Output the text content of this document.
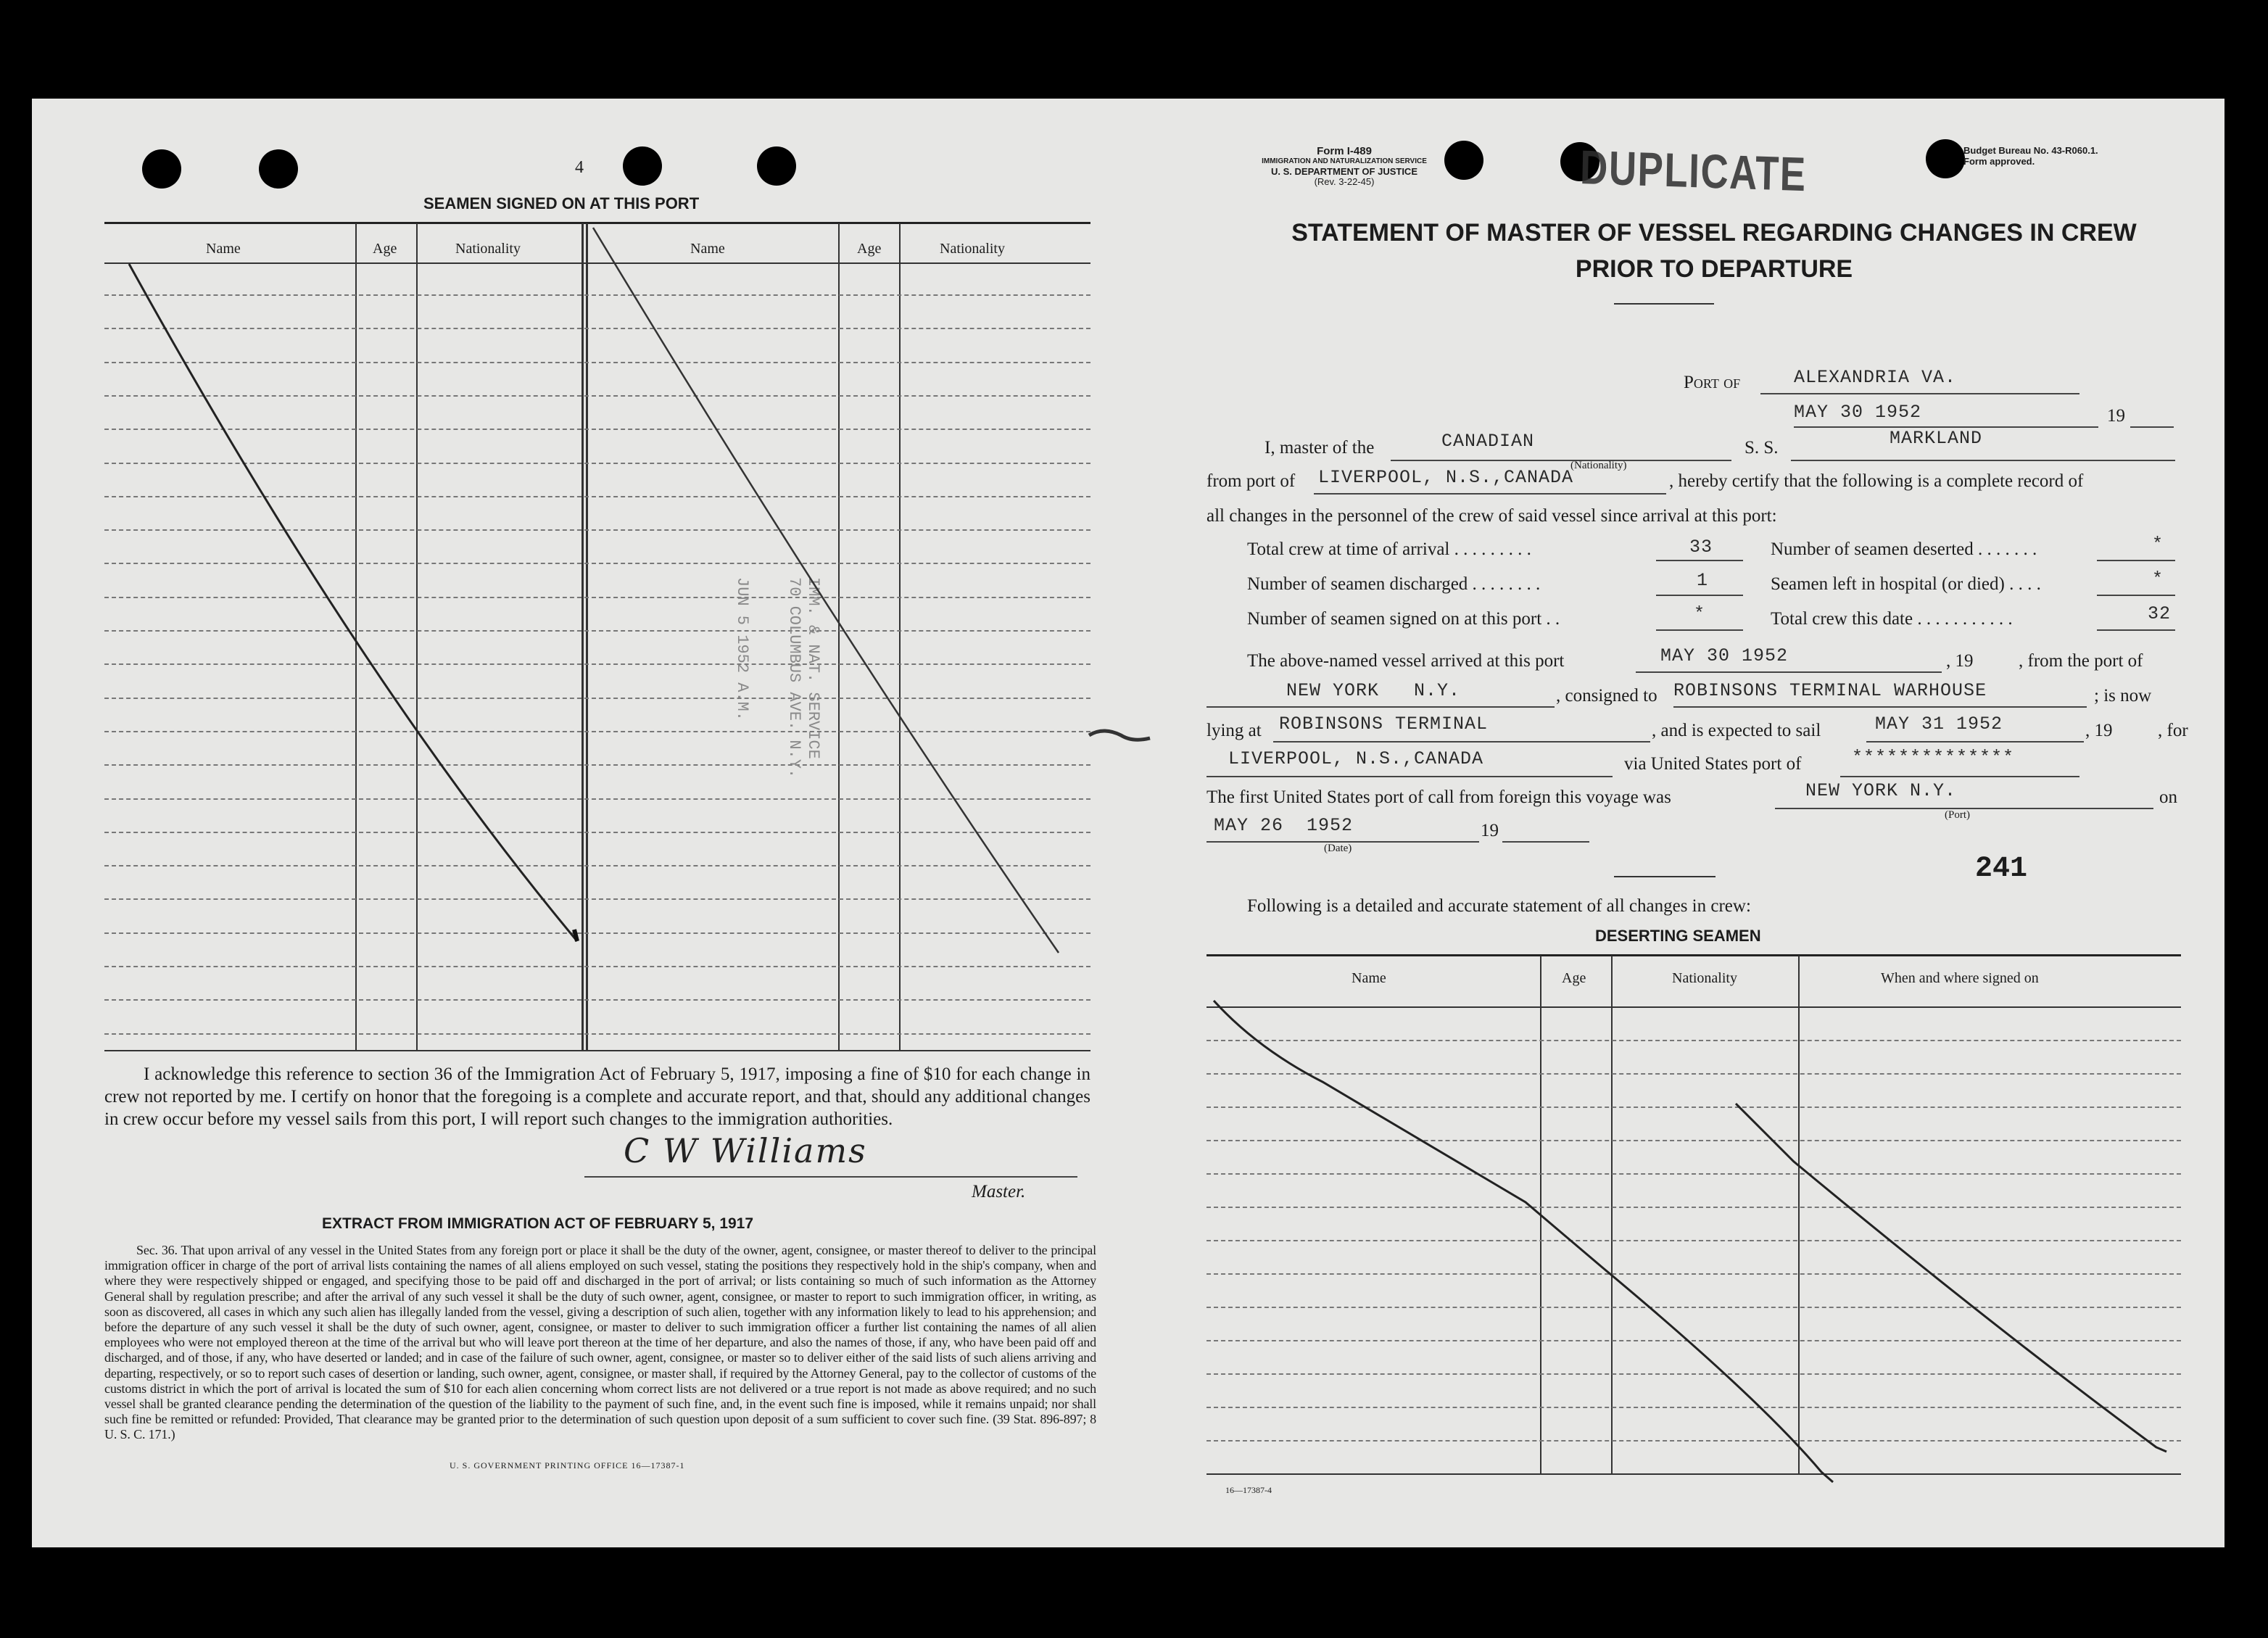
4
SEAMEN SIGNED ON AT THIS PORT
Name	Age	Nationality	Name	Age	Nationality
IMM. & NAT. SERVICE
70 COLUMBUS AVE. N.Y.
JUN 5 1952 A.M.
I acknowledge this reference to section 36 of the Immigration Act of February 5, 1917, imposing a fine of $10 for each change in crew not reported by me. I certify on honor that the foregoing is a complete and accurate report, and that, should any additional changes in crew occur before my vessel sails from this port, I will report such changes to the immigration authorities.
C W Williams
Master.
EXTRACT FROM IMMIGRATION ACT OF FEBRUARY 5, 1917
Sec. 36. That upon arrival of any vessel in the United States from any foreign port or place it shall be the duty of the owner, agent, consignee, or master thereof to deliver to the principal immigration officer in charge of the port of arrival lists containing the names of all aliens employed on such vessel, stating the positions they respectively hold in the ship's company, when and where they were respectively shipped or engaged, and specifying those to be paid off and discharged in the port of arrival; or lists containing so much of such information as the Attorney General shall by regulation prescribe; and after the arrival of any such vessel it shall be the duty of such owner, agent, consignee, or master to report to such immigration officer, in writing, as soon as discovered, all cases in which any such alien has illegally landed from the vessel, giving a description of such alien, together with any information likely to lead to his apprehension; and before the departure of any such vessel it shall be the duty of such owner, agent, consignee, or master to deliver to such immigration officer a further list containing the names of all alien employees who were not employed thereon at the time of the arrival but who will leave port thereon at the time of her departure, and also the names of those, if any, who have been paid off and discharged, and of those, if any, who have deserted or landed; and in case of the failure of such owner, agent, consignee, or master so to deliver either of the said lists of such aliens arriving and departing, respectively, or so to report such cases of desertion or landing, such owner, agent, consignee, or master shall, if required by the Attorney General, pay to the collector of customs of the customs district in which the port of arrival is located the sum of $10 for each alien concerning whom correct lists are not delivered or a true report is not made as above required; and no such vessel shall be granted clearance pending the determination of the question of the liability to the payment of such fine, and, in the event such fine is imposed, while it remains unpaid; nor shall such fine be remitted or refunded: Provided, That clearance may be granted prior to the determination of such question upon deposit of a sum sufficient to cover such fine. (39 Stat. 896-897; 8 U. S. C. 171.)
U. S. GOVERNMENT PRINTING OFFICE 16—17387-1
Form I-489
IMMIGRATION AND NATURALIZATION SERVICE
U. S. DEPARTMENT OF JUSTICE
(Rev. 3-22-45)	DUPLICATE	Budget Bureau No. 43-R060.1.
Form approved.
STATEMENT OF MASTER OF VESSEL REGARDING CHANGES IN CREW
PRIOR TO DEPARTURE
Port of	ALEXANDRIA VA.
MAY 30 1952	19
I, master of the	CANADIAN
(Nationality)
S. S.	MARKLAND
from port of LIVERPOOL, N.S.,CANADA	, hereby certify that the following is a complete record of
all changes in the personnel of the crew of said vessel since arrival at this port:
Total crew at time of arrival . . . . . . . . .	33	Number of seamen deserted . . . . . . .	*
Number of seamen discharged . . . . . . . .	1	Seamen left in hospital (or died) . . . .	*
Number of seamen signed on at this port . .	*	Total crew this date . . . . . . . . . . .	32
The above-named vessel arrived at this port	MAY 30 1952	, 19          , from the port of
NEW YORK   N.Y.	, consigned to ROBINSONS TERMINAL WARHOUSE	; is now
lying at ROBINSONS TERMINAL	, and is expected to sail	MAY 31 1952	, 19          , for
LIVERPOOL, N.S.,CANADA	via United States port of	**************
The first United States port of call from foreign this voyage was	NEW YORK N.Y.
(Port)
on
MAY 26  1952
(Date)
19
241
Following is a detailed and accurate statement of all changes in crew:
DESERTING SEAMEN
Name	Age	Nationality	When and where signed on
16—17387-4
